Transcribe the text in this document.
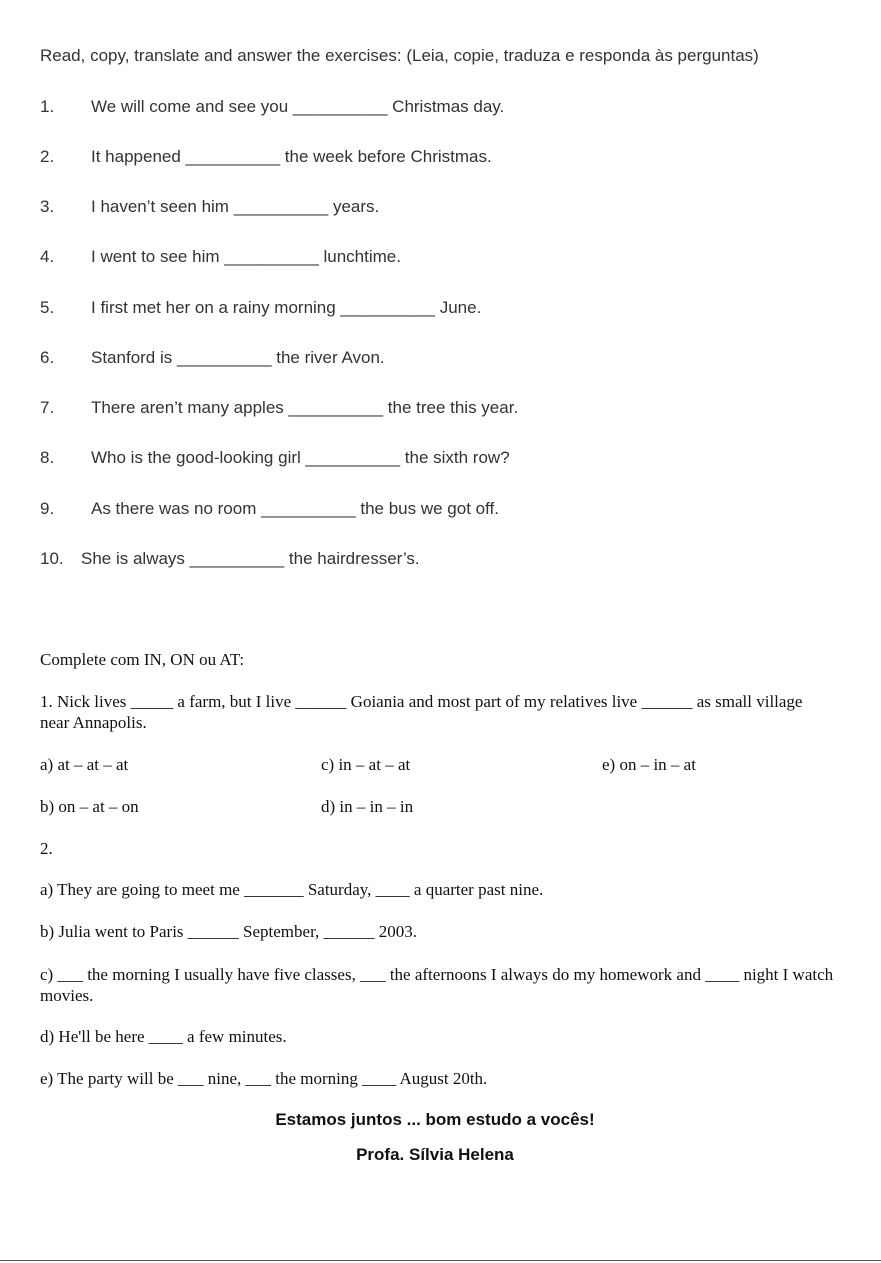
Read, copy, translate and answer the exercises: (Leia, copie, traduza e responda às perguntas)
1. We will come and see you __________ Christmas day.
2. It happened __________ the week before Christmas.
3. I haven’t seen him __________ years.
4. I went to see him __________ lunchtime.
5. I first met her on a rainy morning __________ June.
6. Stanford is __________ the river Avon.
7. There aren’t many apples __________ the tree this year.
8. Who is the good-looking girl __________ the sixth row?
9. As there was no room __________ the bus we got off.
10. She is always __________ the hairdresser’s.
Complete com IN, ON ou AT:
1. Nick lives _____ a farm, but I live ______ Goiania and most part of my relatives live ______ as small village near Annapolis.
a) at – at – at	c) in – at – at	e) on – in – at
b) on – at – on	d) in – in – in
2.
a) They are going to meet me _______ Saturday, ____ a quarter past nine.
b) Julia went to Paris ______ September, ______ 2003.
c) ___ the morning I usually have five classes, ___ the afternoons I always do my homework and ____ night I watch movies.
d) He'll be here ____ a few minutes.
e) The party will be ___ nine, ___ the morning ____ August 20th.
Estamos juntos ... bom estudo a vocês!
Profa. Sílvia Helena
